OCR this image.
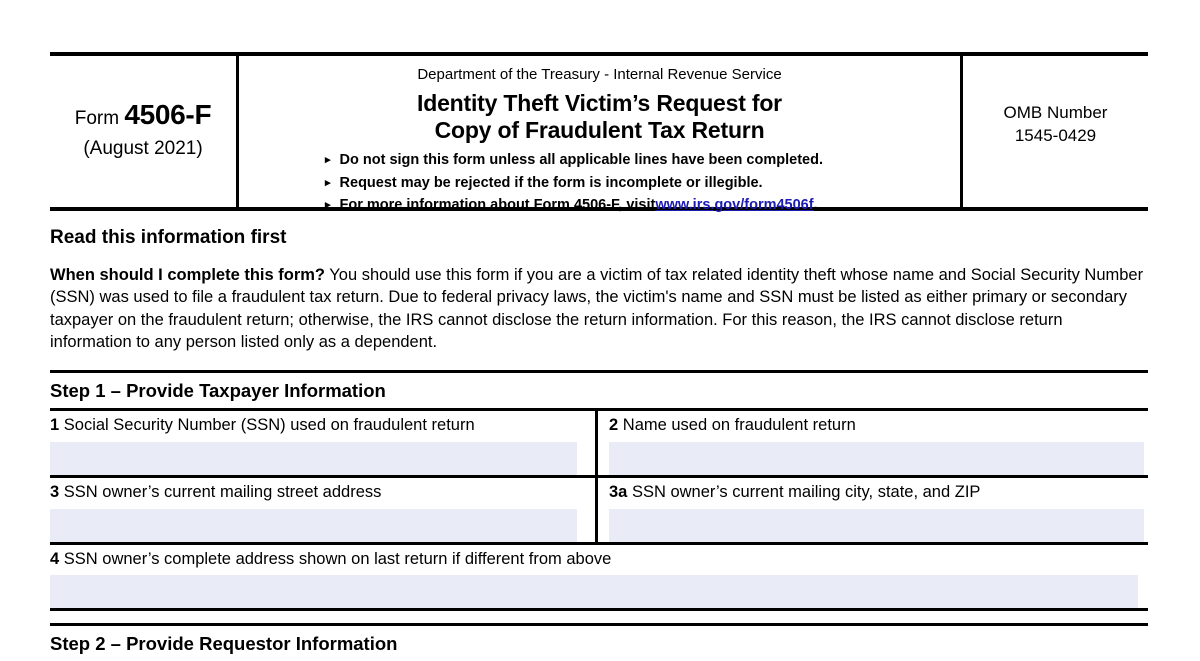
Form 4506-F
(August 2021)
Department of the Treasury - Internal Revenue Service
Identity Theft Victim’s Request for
Copy of Fraudulent Tax Return
▸ Do not sign this form unless all applicable lines have been completed.
▸ Request may be rejected if the form is incomplete or illegible.
▸ For more information about Form 4506-F, visit www.irs.gov/form4506f .
OMB Number
1545-0429
Read this information first

When should I complete this form? You should use this form if you are a victim of tax related identity theft whose name and Social Security Number (SSN) was used to file a fraudulent tax return. Due to federal privacy laws, the victim's name and SSN must be listed as either primary or secondary taxpayer on the fraudulent return; otherwise, the IRS cannot disclose the return information. For this reason, the IRS cannot disclose return information to any person listed only as a dependent.

Step 1 – Provide Taxpayer Information
1 Social Security Number (SSN) used on fraudulent return	2 Name used on fraudulent return
3 SSN owner’s current mailing street address	3a SSN owner’s current mailing city, state, and ZIP
4 SSN owner’s complete address shown on last return if different from above
Step 2 – Provide Requestor Information
